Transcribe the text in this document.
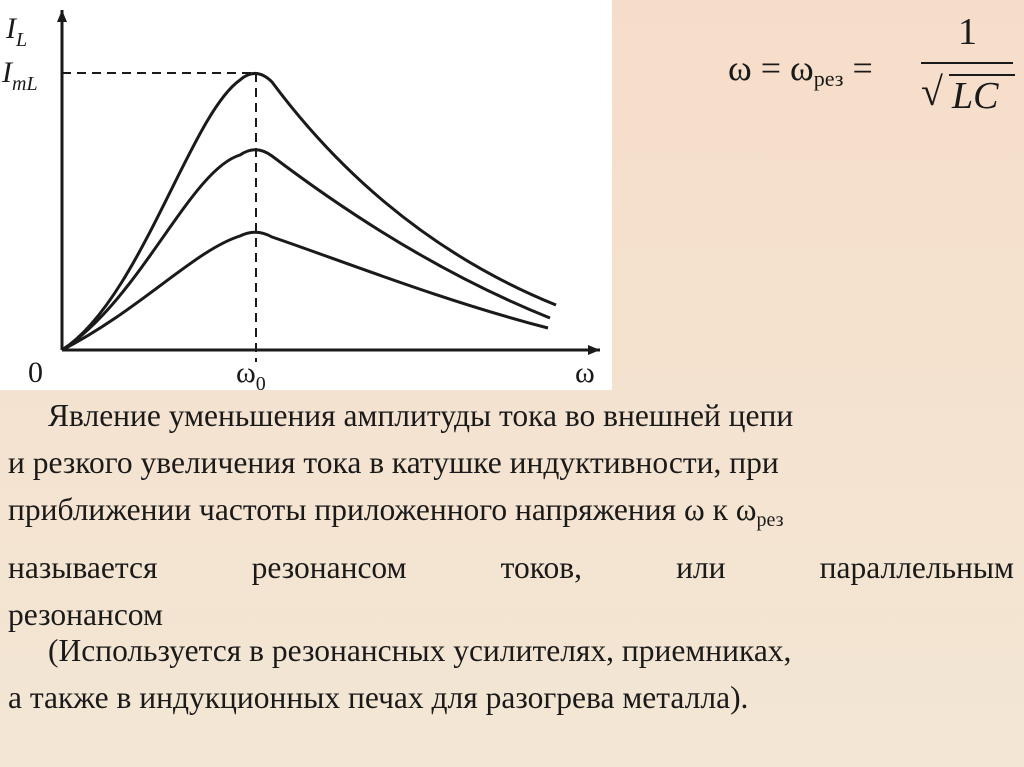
$I_L$
$I_{mL}$
0	$\omega_0$	ω
$\omega = \omega_{рез}$ =
1
√ LC
Явление уменьшения амплитуды тока во внешней цепи
и резкого увеличения тока в катушке индуктивности, при
приближении частоты приложенного напряжения ω к ωрез
называется	резонансом	токов,	или	параллельным
резонансом
(Используется в резонансных усилителях, приемниках,
а также в индукционных печах для разогрева металла).
